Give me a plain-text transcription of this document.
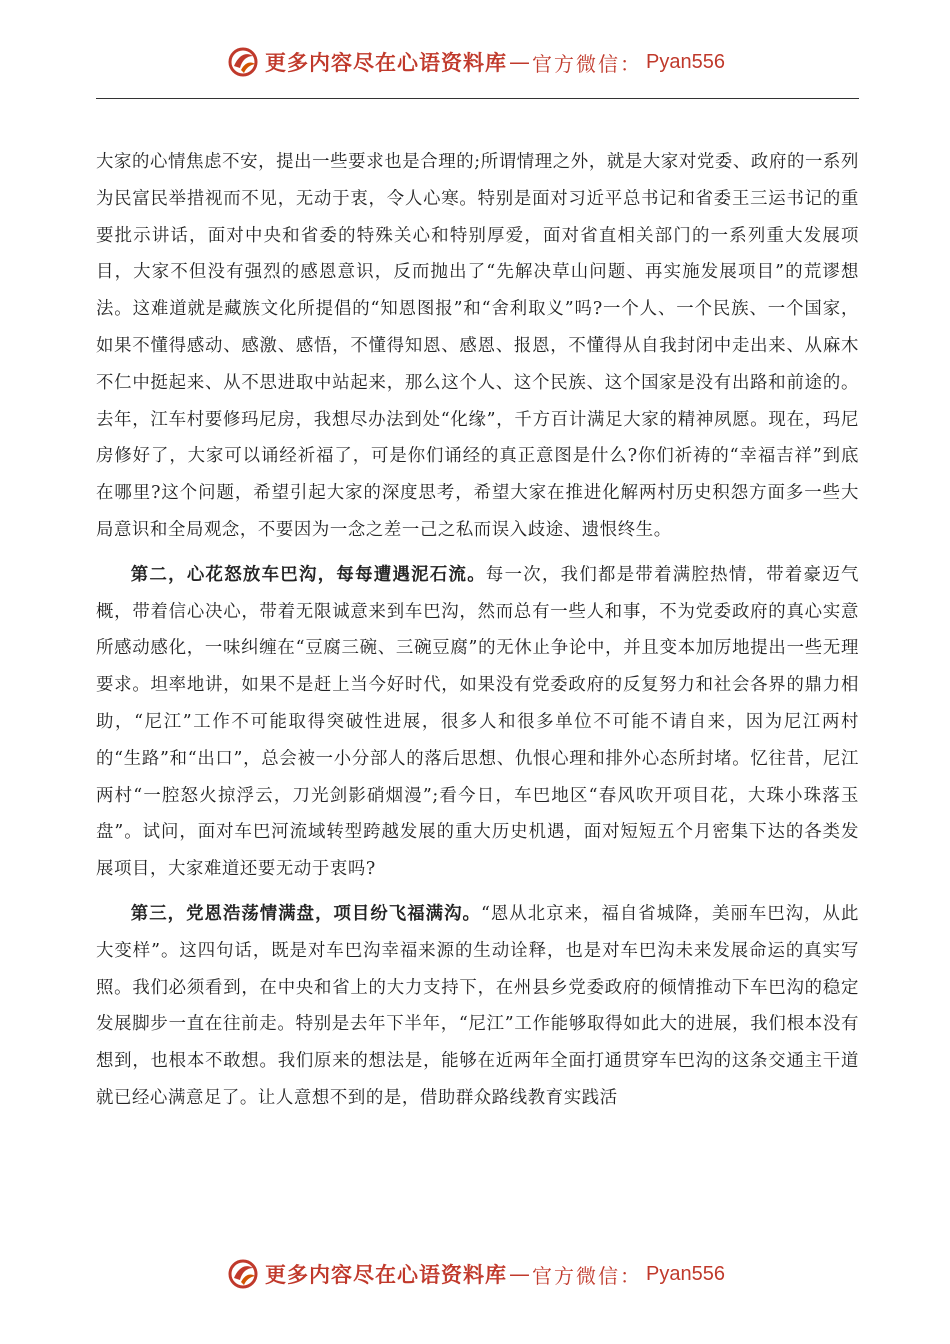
更多内容尽在心语资料库 — 官方微信： Pyan556

大家的心情焦虑不安，提出一些要求也是合理的;所谓情理之外，就是大家对党委、政府的一系列为民富民举措视而不见，无动于衷，令人心寒。特别是面对习近平总书记和省委王三运书记的重要批示讲话，面对中央和省委的特殊关心和特别厚爱，面对省直相关部门的一系列重大发展项目，大家不但没有强烈的感恩意识，反而抛出了“先解决草山问题、再实施发展项目”的荒谬想法。这难道就是藏族文化所提倡的“知恩图报”和“舍利取义”吗?一个人、一个民族、一个国家，如果不懂得感动、感激、感悟，不懂得知恩、感恩、报恩，不懂得从自我封闭中走出来、从麻木不仁中挺起来、从不思进取中站起来，那么这个人、这个民族、这个国家是没有出路和前途的。去年，江车村要修玛尼房，我想尽办法到处“化缘”，千方百计满足大家的精神夙愿。现在，玛尼房修好了，大家可以诵经祈福了，可是你们诵经的真正意图是什么?你们祈祷的“幸福吉祥”到底在哪里?这个问题，希望引起大家的深度思考，希望大家在推进化解两村历史积怨方面多一些大局意识和全局观念，不要因为一念之差一己之私而误入歧途、遗恨终生。

第二，心花怒放车巴沟，每每遭遇泥石流。每一次，我们都是带着满腔热情，带着豪迈气概，带着信心决心，带着无限诚意来到车巴沟，然而总有一些人和事，不为党委政府的真心实意所感动感化，一味纠缠在“豆腐三碗、三碗豆腐”的无休止争论中，并且变本加厉地提出一些无理要求。坦率地讲，如果不是赶上当今好时代，如果没有党委政府的反复努力和社会各界的鼎力相助，“尼江”工作不可能取得突破性进展，很多人和很多单位不可能不请自来，因为尼江两村的“生路”和“出口”，总会被一小分部人的落后思想、仇恨心理和排外心态所封堵。忆往昔，尼江两村“一腔怒火掠浮云，刀光剑影硝烟漫”;看今日，车巴地区“春风吹开项目花，大珠小珠落玉盘”。试问，面对车巴河流域转型跨越发展的重大历史机遇，面对短短五个月密集下达的各类发展项目，大家难道还要无动于衷吗?

第三，党恩浩荡情满盘，项目纷飞福满沟。“恩从北京来，福自省城降，美丽车巴沟，从此大变样”。这四句话，既是对车巴沟幸福来源的生动诠释，也是对车巴沟未来发展命运的真实写照。我们必须看到，在中央和省上的大力支持下，在州县乡党委政府的倾情推动下车巴沟的稳定发展脚步一直在往前走。特别是去年下半年，“尼江”工作能够取得如此大的进展，我们根本没有想到，也根本不敢想。我们原来的想法是，能够在近两年全面打通贯穿车巴沟的这条交通主干道就已经心满意足了。让人意想不到的是，借助群众路线教育实践活

更多内容尽在心语资料库 — 官方微信： Pyan556
